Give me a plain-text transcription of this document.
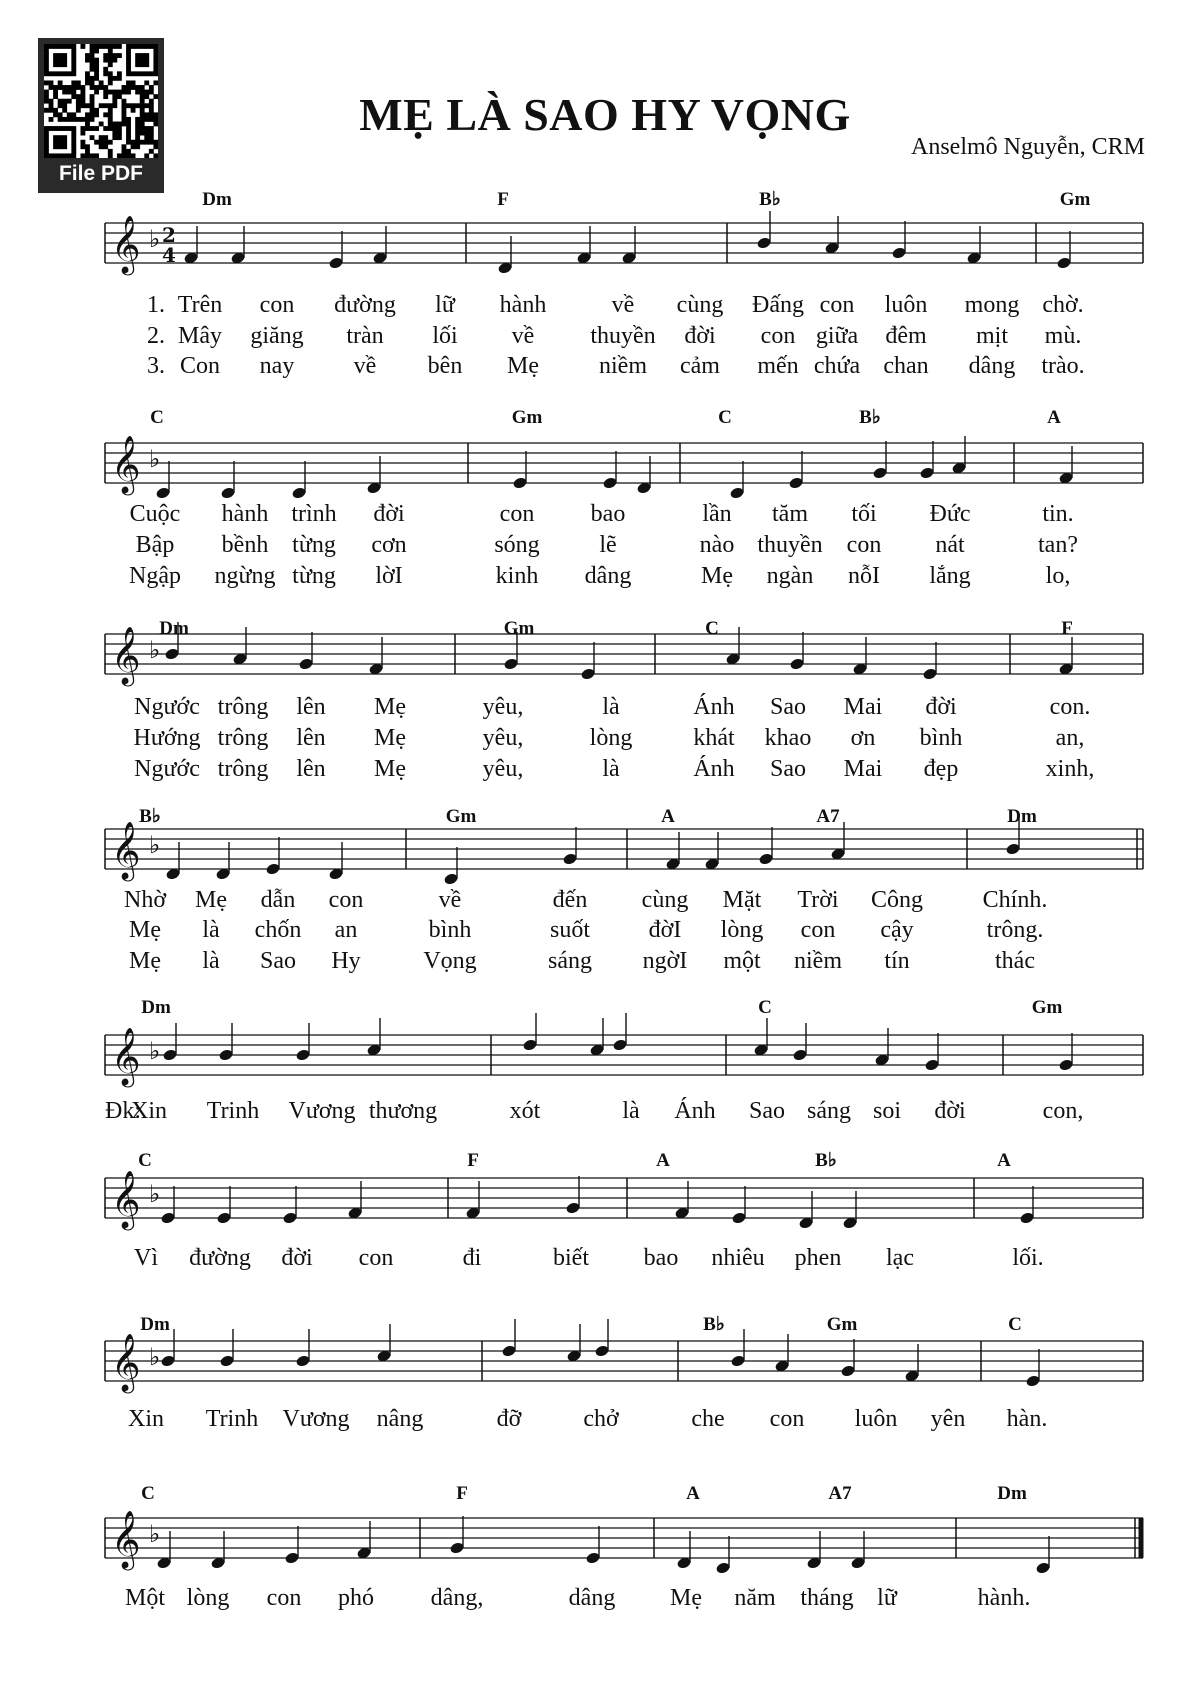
File PDF
MẸ LÀ SAO HY VỌNG
Anselmô Nguyễn, CRM
𝄞 ♭ 2
4
Dm	F	B♭	Gm
1. Trên con đường lữ hành	về cùng Đấng con luôn mong chờ.
2. Mây giăng tràn lối về thuyền đời con giữa đêm mịt mù.
3. Con nay về bên Mẹ	niềm cảm mến chứa chan dâng trào.
𝄞 ♭
C	Gm	C	B♭	A
Cuộc hành trình đời	con bao	lần tăm tối Đức	tin.
Bập bềnh từng cơn	sóng lẽ	nào thuyền con nát	tan?
Ngập ngừng từng lờI	kinh dâng	Mẹ ngàn nỗI lắng	lo,
𝄞 ♭
Dm	Gm	C	F
Ngước trông lên Mẹ	yêu,	là	Ánh Sao Mai đời	con.
Hướng trông lên Mẹ	yêu,	lòng	khát khao ơn bình	an,
Ngước trông lên Mẹ	yêu,	là	Ánh Sao Mai đẹp	xinh,
𝄞 ♭
B♭	Gm	A	A7	Dm
Nhờ Mẹ dẫn con	về	đến cùng Mặt Trời Công Chính.
Mẹ là chốn an	bình	suốt đờI lòng con cậy	trông.
Mẹ là Sao Hy	Vọng	sáng ngờI một niềm tín	thác
𝄞 ♭
Dm	C	Gm
Đk:
Xin Trinh Vương thương	xót	là Ánh Sao sáng soi đời	con,
𝄞 ♭
C	F	A	B♭	A
Vì đường đời con	đi	biết bao nhiêu phen lạc	lối.
𝄞 ♭
Dm	B♭	Gm	C
Xin Trinh Vương nâng	đỡ	chở	che con luôn yên hàn.
𝄞 ♭
C	F	A	A7	Dm
Một lòng con phó dâng,	dâng Mẹ năm tháng lữ	hành.
